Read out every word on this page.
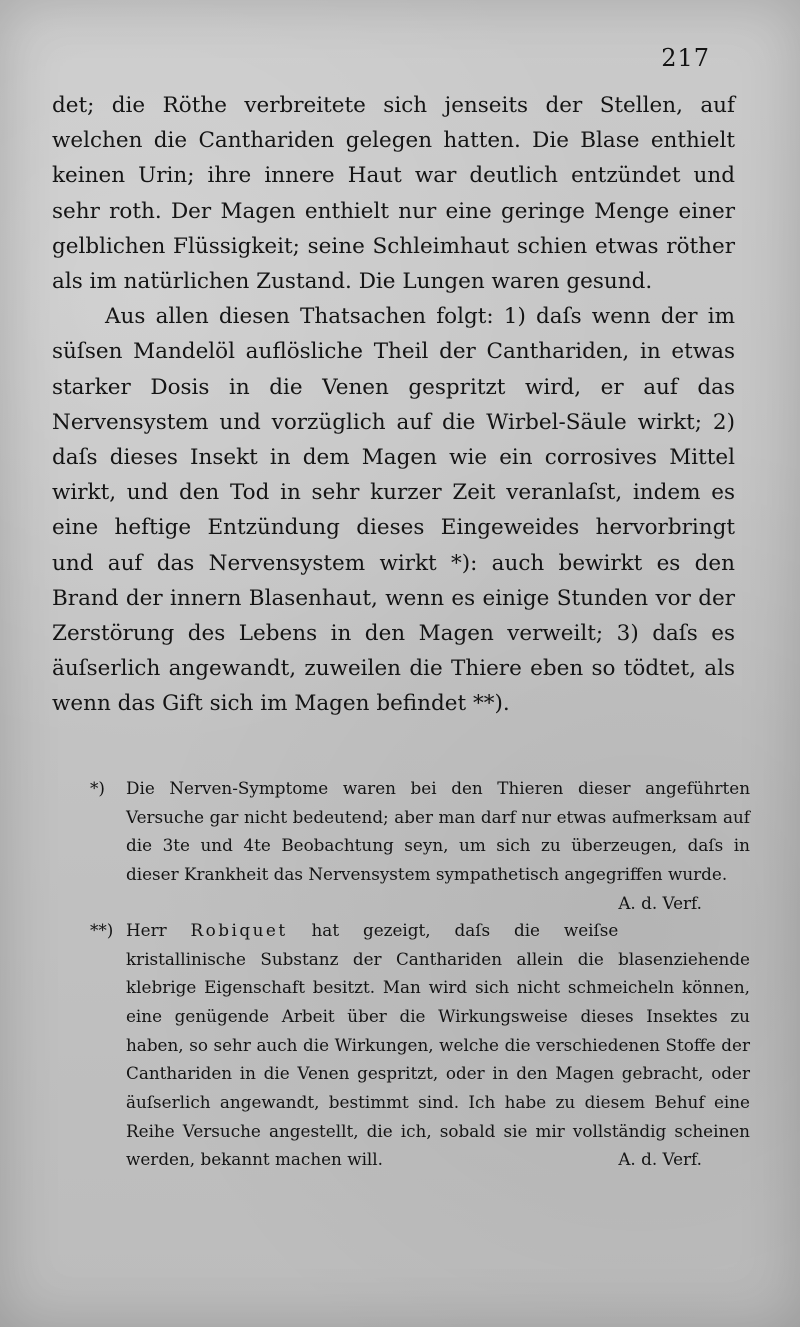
217

det; die Röthe verbreitete sich jenseits der Stellen, auf welchen die Canthariden gelegen hatten. Die Blase enthielt keinen Urin; ihre innere Haut war deutlich entzündet und sehr roth. Der Magen enthielt nur eine geringe Menge einer gelblichen Flüssigkeit; seine Schleimhaut schien etwas röther als im natürlichen Zustand. Die Lungen waren gesund.

Aus allen diesen Thatsachen folgt: 1) daſs wenn der im süſsen Mandelöl auflösliche Theil der Canthariden, in etwas starker Dosis in die Venen gespritzt wird, er auf das Nervensystem und vorzüglich auf die Wirbel-Säule wirkt; 2) daſs dieses Insekt in dem Magen wie ein corrosives Mittel wirkt, und den Tod in sehr kurzer Zeit veranlaſst, indem es eine heftige Entzündung dieses Eingeweides hervorbringt und auf das Nervensystem wirkt *): auch bewirkt es den Brand der innern Blasenhaut, wenn es einige Stunden vor der Zerstörung des Lebens in den Magen verweilt; 3) daſs es äuſserlich angewandt, zuweilen die Thiere eben so tödtet, als wenn das Gift sich im Magen befindet **).

*) Die Nerven-Symptome waren bei den Thieren dieser angeführten Versuche gar nicht bedeutend; aber man darf nur etwas aufmerksam auf die 3te und 4te Beobachtung seyn, um sich zu überzeugen, daſs in dieser Krankheit das Nervensystem sympathetisch angegriffen wurde.
A. d. Verf.

**) Herr Robiquet hat gezeigt, daſs die weiſse kristallinische Substanz der Canthariden allein die blasenziehende klebrige Eigenschaft besitzt. Man wird sich nicht schmeicheln können, eine genügende Arbeit über die Wirkungsweise dieses Insektes zu haben, so sehr auch die Wirkungen, welche die verschiedenen Stoffe der Canthariden in die Venen gespritzt, oder in den Magen gebracht, oder äuſserlich angewandt, bestimmt sind. Ich habe zu diesem Behuf eine Reihe Versuche angestellt, die ich, sobald sie mir vollständig scheinen werden, bekannt machen will.	A. d. Verf.
